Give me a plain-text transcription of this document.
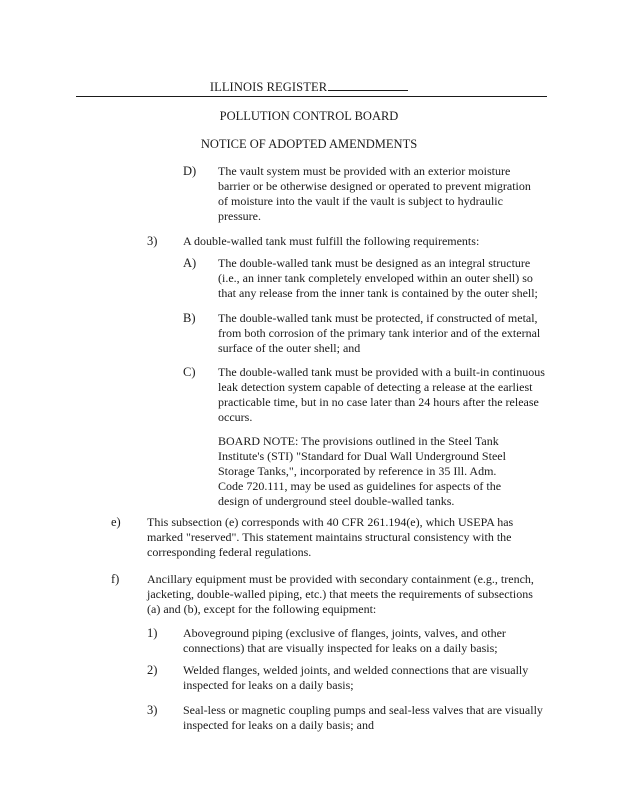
ILLINOIS REGISTER
POLLUTION CONTROL BOARD
NOTICE OF ADOPTED AMENDMENTS
D) The vault system must be provided with an exterior moisture barrier or be otherwise designed or operated to prevent migration of moisture into the vault if the vault is subject to hydraulic pressure.
3) A double-walled tank must fulfill the following requirements:
A) The double-walled tank must be designed as an integral structure (i.e., an inner tank completely enveloped within an outer shell) so that any release from the inner tank is contained by the outer shell;
B) The double-walled tank must be protected, if constructed of metal, from both corrosion of the primary tank interior and of the external surface of the outer shell; and
C) The double-walled tank must be provided with a built-in continuous leak detection system capable of detecting a release at the earliest practicable time, but in no case later than 24 hours after the release occurs.
BOARD NOTE: The provisions outlined in the Steel Tank Institute's (STI) "Standard for Dual Wall Underground Steel Storage Tanks,", incorporated by reference in 35 Ill. Adm. Code 720.111, may be used as guidelines for aspects of the design of underground steel double-walled tanks.
e) This subsection (e) corresponds with 40 CFR 261.194(e), which USEPA has marked "reserved". This statement maintains structural consistency with the corresponding federal regulations.
f) Ancillary equipment must be provided with secondary containment (e.g., trench, jacketing, double-walled piping, etc.) that meets the requirements of subsections (a) and (b), except for the following equipment:
1) Aboveground piping (exclusive of flanges, joints, valves, and other connections) that are visually inspected for leaks on a daily basis;
2) Welded flanges, welded joints, and welded connections that are visually inspected for leaks on a daily basis;
3) Seal-less or magnetic coupling pumps and seal-less valves that are visually inspected for leaks on a daily basis; and
